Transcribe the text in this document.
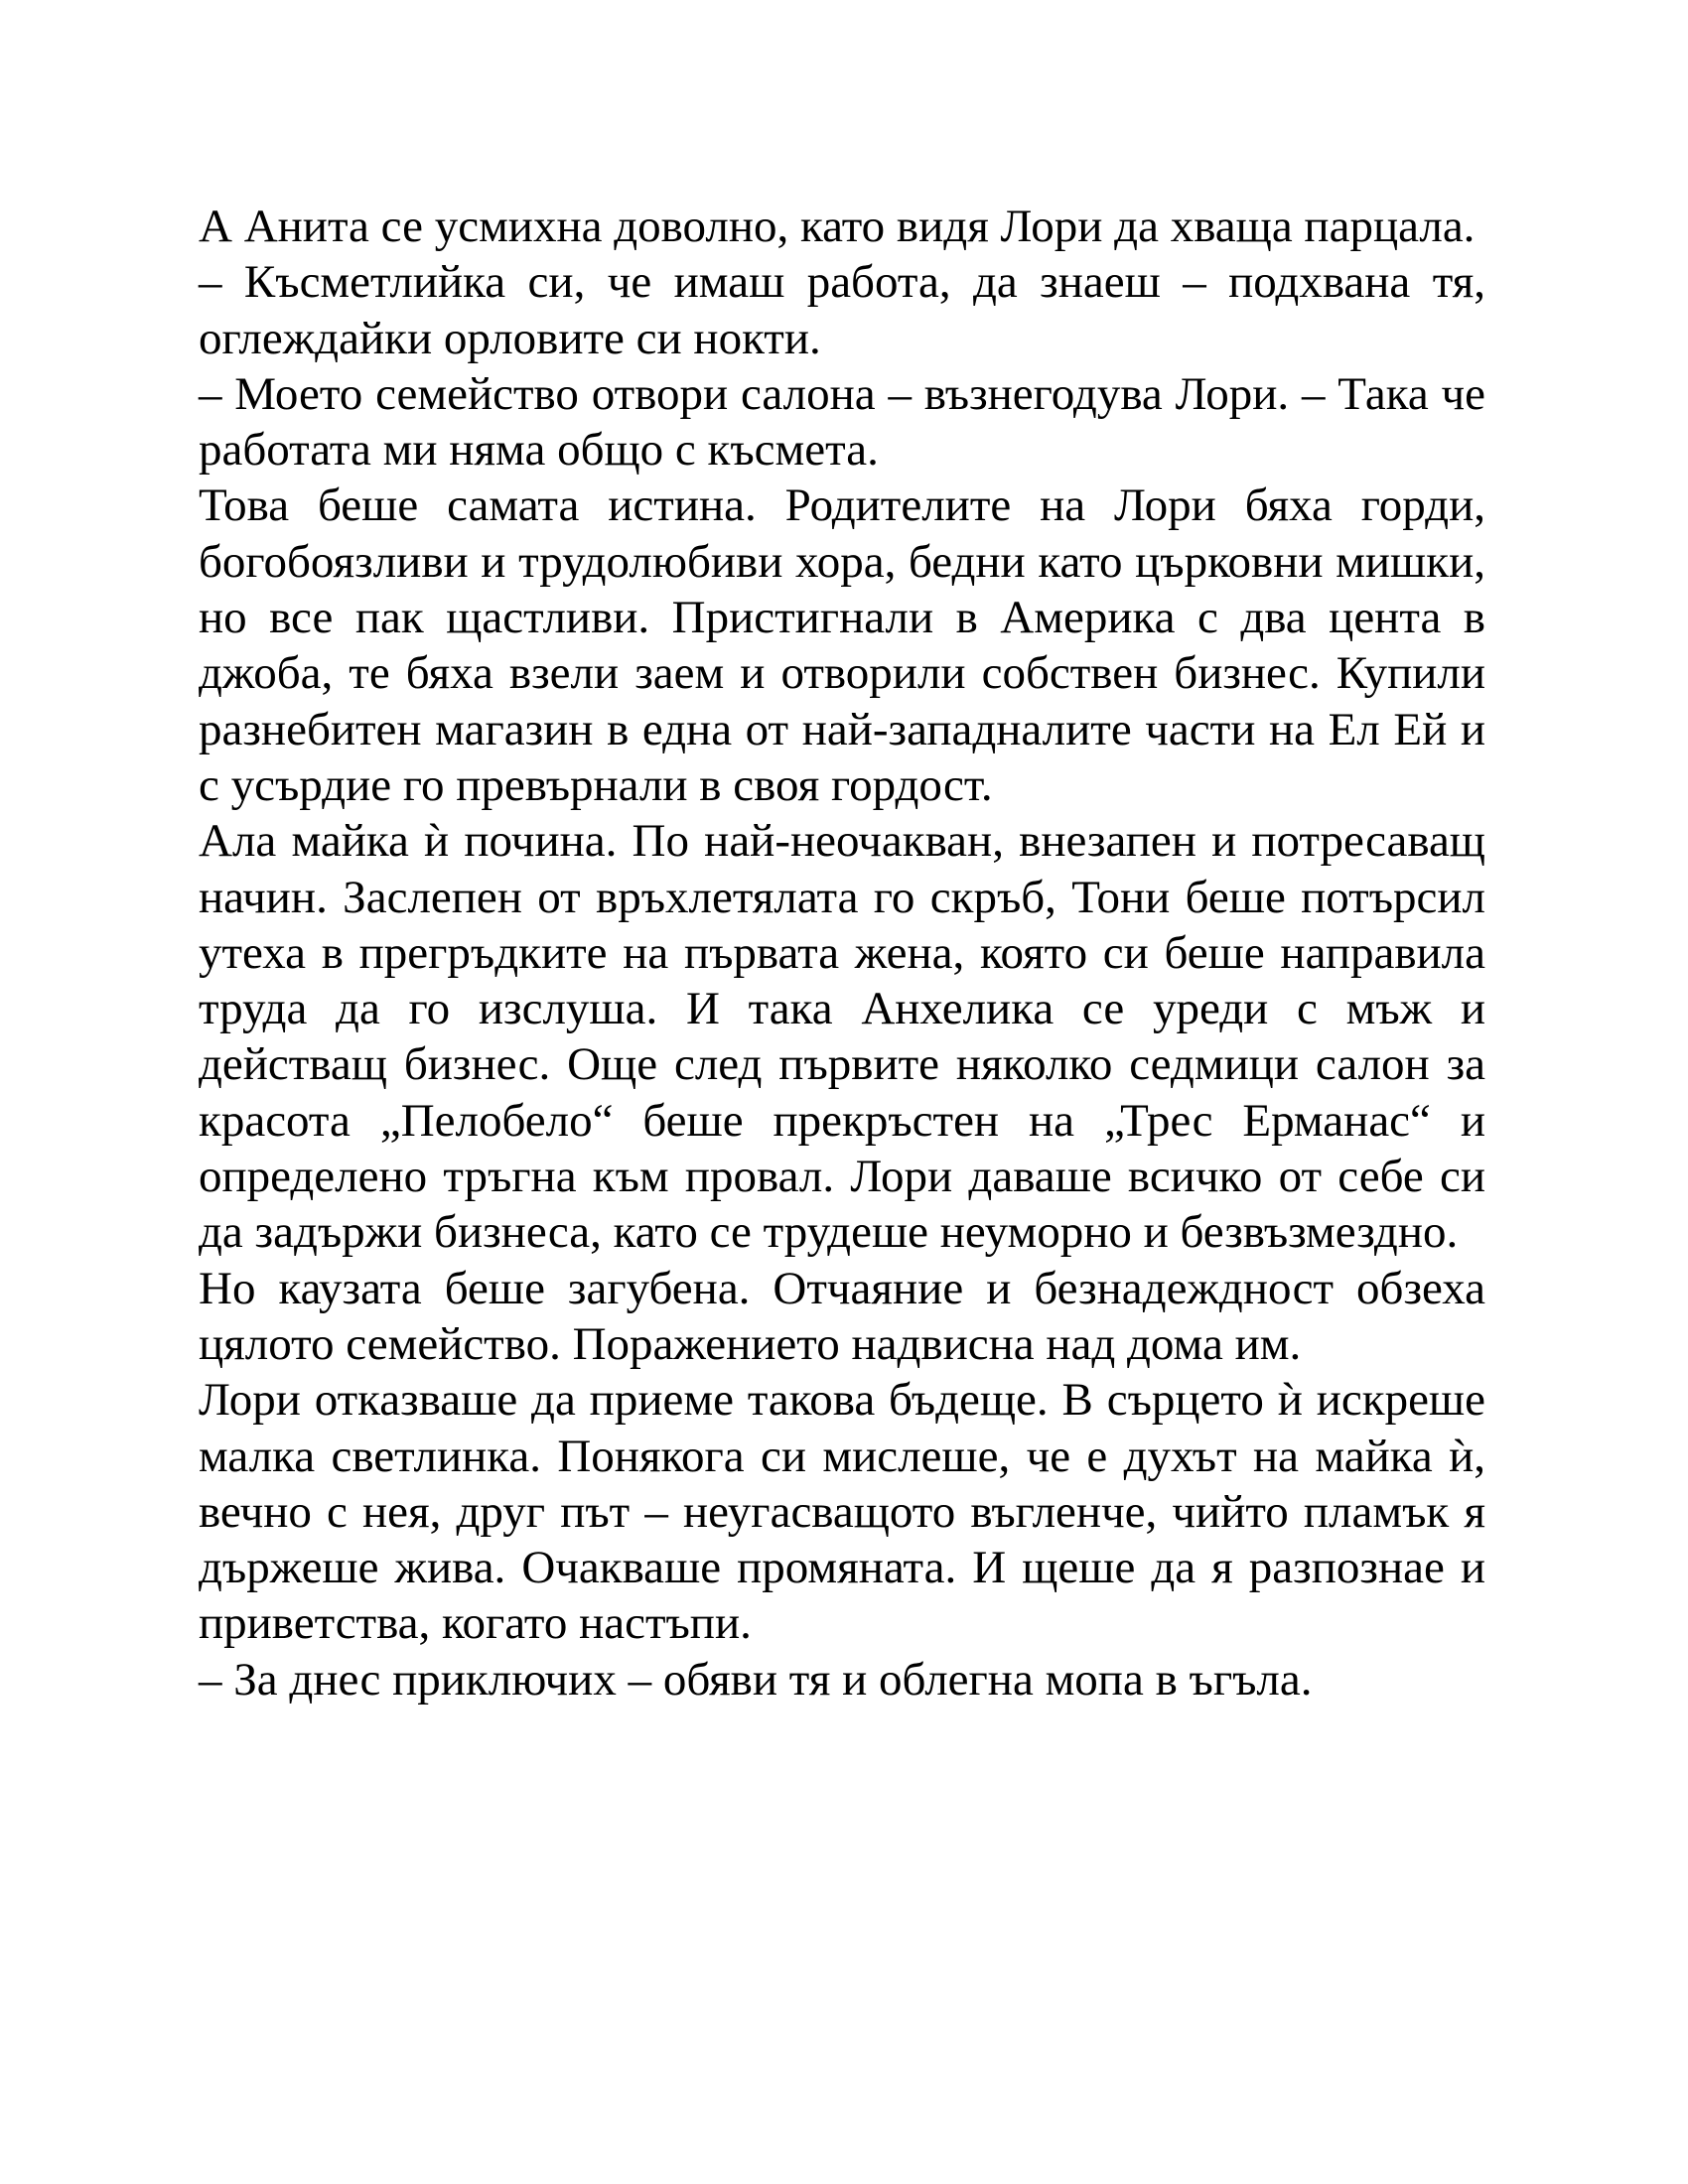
А Анита се усмихна доволно, като видя Лори да хваща парцала.

– Късметлийка си, че имаш работа, да знаеш – подхвана тя, оглеждайки орловите си нокти.

– Моето семейство отвори салона – възнегодува Лори. – Така че работата ми няма общо с късмета.

Това беше самата истина. Родителите на Лори бяха горди, богобоязливи и трудолюбиви хора, бедни като църковни мишки, но все пак щастливи. Пристигнали в Америка с два цента в джоба, те бяха взели заем и отворили собствен бизнес. Купили разнебитен магазин в една от най-западналите части на Ел Ей и с усърдие го превърнали в своя гордост.

Ала майка ѝ почина. По най-неочакван, внезапен и потресаващ начин. Заслепен от връхлетялата го скръб, Тони беше потърсил утеха в прегръдките на първата жена, която си беше направила труда да го изслуша. И така Анхелика се уреди с мъж и действащ бизнес. Още след първите няколко седмици салон за красота „Пелобело“ беше прекръстен на „Трес Ерманас“ и определено тръгна към провал. Лори даваше всичко от себе си да задържи бизнеса, като се трудеше неуморно и безвъзмездно.

Но каузата беше загубена. Отчаяние и безнадеждност обзеха цялото семейство. Поражението надвисна над дома им.

Лори отказваше да приеме такова бъдеще. В сърцето ѝ искреше малка светлинка. Понякога си мислеше, че е духът на майка ѝ, вечно с нея, друг път – неугасващото въгленче, чийто пламък я държеше жива. Очакваше промяната. И щеше да я разпознае и приветства, когато настъпи.

– За днес приключих – обяви тя и облегна мопа в ъгъла.
